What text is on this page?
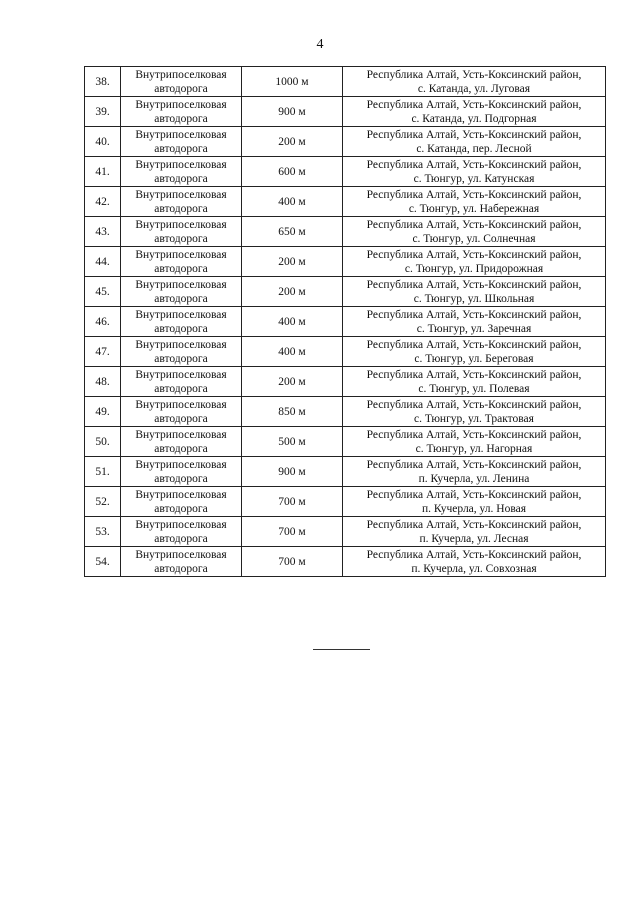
4
38.	Внутрипоселковая
автодорога	1000 м	Республика Алтай, Усть-Коксинский район,
с. Катанда, ул. Луговая

39.	Внутрипоселковая
автодорога	900 м	Республика Алтай, Усть-Коксинский район,
с. Катанда, ул. Подгорная

40.	Внутрипоселковая
автодорога	200 м	Республика Алтай, Усть-Коксинский район,
с. Катанда, пер. Лесной

41.	Внутрипоселковая
автодорога	600 м	Республика Алтай, Усть-Коксинский район,
с. Тюнгур, ул. Катунская

42.	Внутрипоселковая
автодорога	400 м	Республика Алтай, Усть-Коксинский район,
с. Тюнгур, ул. Набережная

43.	Внутрипоселковая
автодорога	650 м	Республика Алтай, Усть-Коксинский район,
с. Тюнгур, ул. Солнечная

44.	Внутрипоселковая
автодорога	200 м	Республика Алтай, Усть-Коксинский район,
с. Тюнгур, ул. Придорожная

45.	Внутрипоселковая
автодорога	200 м	Республика Алтай, Усть-Коксинский район,
с. Тюнгур, ул. Школьная

46.	Внутрипоселковая
автодорога	400 м	Республика Алтай, Усть-Коксинский район,
с. Тюнгур, ул. Заречная

47.	Внутрипоселковая
автодорога	400 м	Республика Алтай, Усть-Коксинский район,
с. Тюнгур, ул. Береговая

48.	Внутрипоселковая
автодорога	200 м	Республика Алтай, Усть-Коксинский район,
с. Тюнгур, ул. Полевая

49.	Внутрипоселковая
автодорога	850 м	Республика Алтай, Усть-Коксинский район,
с. Тюнгур, ул. Трактовая

50.	Внутрипоселковая
автодорога	500 м	Республика Алтай, Усть-Коксинский район,
с. Тюнгур, ул. Нагорная

51.	Внутрипоселковая
автодорога	900 м	Республика Алтай, Усть-Коксинский район,
п. Кучерла, ул. Ленина

52.	Внутрипоселковая
автодорога	700 м	Республика Алтай, Усть-Коксинский район,
п. Кучерла, ул. Новая

53.	Внутрипоселковая
автодорога	700 м	Республика Алтай, Усть-Коксинский район,
п. Кучерла, ул. Лесная

54.	Внутрипоселковая
автодорога	700 м	Республика Алтай, Усть-Коксинский район,
п. Кучерла, ул. Совхозная
